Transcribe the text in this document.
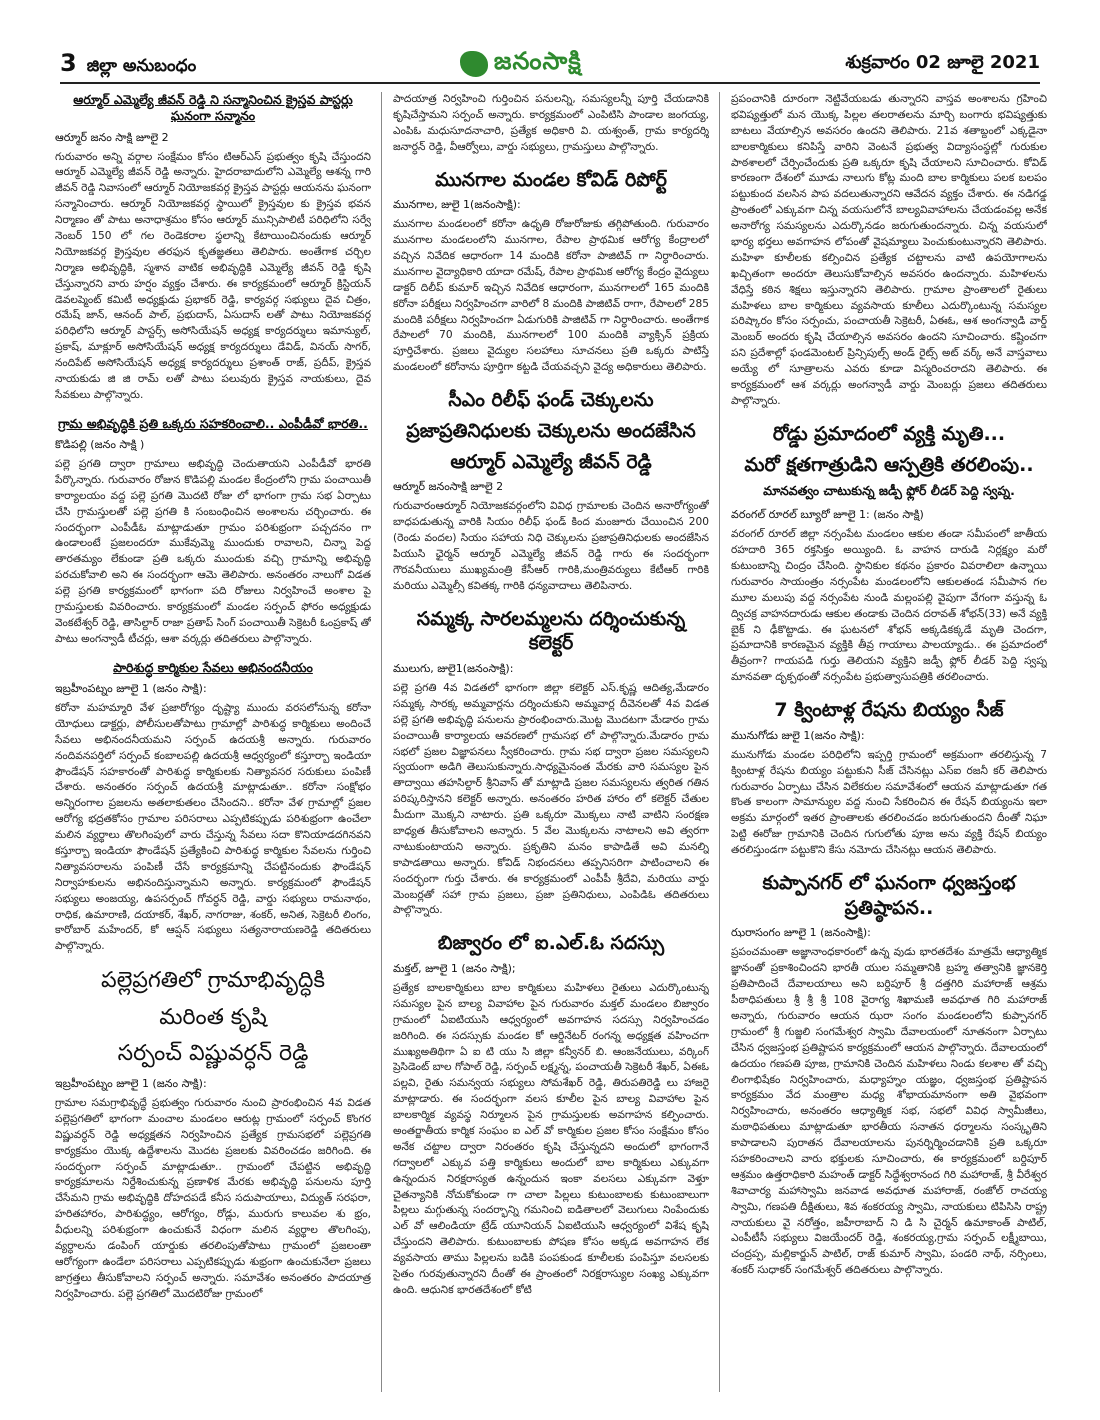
3 జిల్లా అనుబంధం	జనంసాక్షి	శుక్రవారం 02 జూలై 2021

ఆర్మూర్ ఎమ్మెల్యే జీవన్ రెడ్డి ని సన్మానించిన క్రైస్తవ పాస్టర్లు ఘనంగా సన్మానం

ఆర్మూర్ జనం సాక్షి జూలై 2

గురువారం అన్ని వర్గాల సంక్షేమం కోసం టిఆర్ఎస్ ప్రభుత్వం కృషి చేస్తుందని ఆర్మూర్ ఎమ్మెల్యే జీవన్ రెడ్డి అన్నారు. హైదరాబాదులోని ఎమ్మెల్యే ఆశన్న గారి జీవన్ రెడ్డి నివాసంలో ఆర్మూర్ నియోజకవర్గ క్రైస్తవ పాస్టర్లు ఆయనను ఘనంగా సన్మానించారు. ఆర్మూర్ నియోజకవర్గ స్థాయిలో క్రైస్తవుల కు క్రైస్తవ భవన నిర్మాణం తో పాటు అనాధాశ్రమం కోసం ఆర్మూర్ మున్సిపాలిటీ పరిధిలోని సర్వే నెంబర్ 150 లో గల రెండెకరాల స్థలాన్ని కేటాయించినందుకు ఆర్మూర్ నియోజకవర్గ క్రైస్తవుల తరఫున కృతజ్ఞతలు తెలిపారు. అంతేగాక చర్చిల నిర్మాణ అభివృద్ధికి, స్మశాన వాటిక అభివృద్ధికి ఎమ్మెల్యే జీవన్ రెడ్డి కృషి చేస్తున్నారని వారు హర్షం వ్యక్తం చేశారు. ఈ కార్యక్రమంలో ఆర్మూర్ క్రిస్టియన్ డెవలప్మెంట్ కమిటీ అధ్యక్షుడు ప్రభాకర్ రెడ్డి, కార్యవర్గ సభ్యులు దైవ చిత్రం, రమేష్ జాన్, ఆనంద్ పాల్, ప్రభుదాస్, ఏసుదాస్ లతో పాటు నియోజకవర్గ పరిధిలోని ఆర్మూర్ పాస్టర్స్ అసోసియేషన్ అధ్యక్ష కార్యదర్శులు ఇమాన్యుల్, ప్రకాష్, మాక్లూర్ అసోసియేషన్ అధ్యక్ష కార్యదర్శులు డేవిడ్, వినయ్ సాగర్, నందిపేట్ అసోసియేషన్ అధ్యక్ష కార్యదర్శులు ప్రశాంత్ రాజ్, ప్రదీప్, క్రైస్తవ నాయకుడు జి జి రామ్ లతో పాటు పలువురు క్రైస్తవ నాయకులు, దైవ సేవకులు పాల్గొన్నారు.

గ్రామ అభివృద్ధికి ప్రతి ఒక్కరు సహకరించాలి.. ఎంపీడీవో భారతి..

కొడిపల్లి (జనం సాక్షి )

పల్లె ప్రగతి ద్వారా గ్రామాలు అభివృద్ధి చెందుతాయని ఎంపీడీవో భారతి పేర్కొన్నారు. గురువారం రోజున కొడిపల్లి మండల కేంద్రంలోని గ్రామ పంచాయితీ కార్యాలయం వద్ద పల్లె ప్రగతి మొదటి రోజు లో భాగంగా గ్రామ సభ ఏర్పాటు చేసి గ్రామస్తులతో పల్లె ప్రగతి కి సంబంధించిన అంశాలను చర్చించారు. ఈ సందర్భంగా ఎంపీడీఓ మాట్లాడుతూ గ్రామం పరిశుభ్రంగా పచ్చదనం గా ఉండాలంటే ప్రజలందరూ ముకేవుమ్మె ముందుకు రావాలని, చిన్నా పెద్ద తారతమ్యం లేకుండా ప్రతి ఒక్కరు ముందుకు వచ్చి గ్రామాన్ని అభివృద్ధి పరచుకోవాలి అని ఈ సందర్భంగా ఆమె తెలిపారు. అనంతరం నాలుగో విడత పల్లె ప్రగతి కార్యక్రమంలో భాగంగా పది రోజులు నిర్వహించే అంశాల పై గ్రామస్తులకు వివరించారు. కార్యక్రమంలో మండల సర్పంచ్ ఫోరం అధ్యక్షుడు వెంకటేశ్వర్ రెడ్డి, తాసిల్దార్ రాజా ప్రతాప్ సింగ్ పంచాయితీ సెక్రెటరీ ఓంప్రకాష్ తో పాటు అంగన్వాడీ టీచర్లు, ఆశా వర్కర్లు తదితరులు పాల్గొన్నారు.

పారిశుద్ధ కార్మికుల సేవలు అభినందనీయం

ఇబ్రహీంపట్నం జూలై 1 (జనం సాక్షి):

కరోనా మహమ్మారి వేళ ప్రజారోగ్యం దృష్ట్యా ముందు వరసలోనున్న కరోనా యోధులు డాక్టర్లు, పోలీసులతోపాటు గ్రామాల్లో పారిశుద్ధ కార్మికులు అందించే సేవలు అభినందనీయమని సర్పంచ్ ఉదయశ్రీ అన్నారు. గురువారం నందివనపర్తిలో సర్పంచ్ కంబాలపల్లి ఉదయశ్రీ ఆధ్వర్యంలో కస్తూర్బా ఇండియా ఫౌండేషన్ సహకారంతో పారిశుద్ధ కార్మికులకు నిత్యావసర సరుకులు పంపిణీ చేశారు. అనంతరం సర్పంచ్ ఉదయశ్రీ మాట్లాడుతూ.. కరోనా సంక్షోభం అన్నిరంగాల ప్రజలను అతలాకుతలం చేసిందని.. కరోనా వేళ గ్రామాల్లో ప్రజల ఆరోగ్య భద్రతకోసం గ్రామాల పరిసరాలు ఎప్పటికప్పుడు పరిశుభ్రంగా ఉంచేలా మలిన వ్యర్థాలు తొలగింపులో వారు చేస్తున్న సేవలు సదా కొనియాడదగినవని కస్తూర్బా ఇండియా ఫౌండేషన్ ప్రత్యేకించి పారిశుద్ధ కార్మికుల సేవలను గుర్తించి నిత్యావసరాలను పంపిణీ చేసే కార్యక్రమాన్ని చేపట్టినందుకు ఫౌండేషన్ నిర్వాహకులను అభినందిస్తున్నామని అన్నారు. కార్యక్రమంలో ఫౌండేషన్ సభ్యులు అంజయ్య, ఉపసర్పంచ్ గోవర్ధన్ రెడ్డి, వార్డు సభ్యులు రామనాథం, రాధిక, ఉమారాణి, దయాకర్, శేఖర్, నాగరాజు, శంకర్, అనిత, సెక్రెటరీ లింగం, కారోబార్ మహేందర్, కో ఆప్షన్ సభ్యులు సత్యనారాయణరెడ్డి తదితరులు పాల్గొన్నారు.

పల్లెప్రగతిలో గ్రామాభివృద్ధికి

మరింత కృషి

సర్పంచ్ విష్ణువర్ధన్ రెడ్డి

ఇబ్రహీంపట్నం జూలై 1 (జనం సాక్షి):

గ్రామాల సమగ్రాభివృద్ధే ప్రభుత్వం గురువారం నుంచి ప్రారంభించిన 4వ విడత పల్లెప్రగతిలో భాగంగా మంచాల మండలం ఆరుట్ల గ్రామంలో సర్పంచ్ కొంగర విష్ణువర్ధన్ రెడ్డి అధ్యక్షతన నిర్వహించిన ప్రత్యేక గ్రామసభలో పల్లెప్రగతి కార్యక్రమం యొక్క ఉద్దేశాలను మొదట ప్రజలకు వివరించడం జరిగింది. ఈ సందర్భంగా సర్పంచ్ మాట్లాడుతూ.. గ్రామంలో చేపట్టిన అభివృద్ధి కార్యక్రమాలను నిర్దేశించుకున్న ప్రణాళిక మేరకు అభివృద్ధి పనులను పూర్తి చేసేమని గ్రామ అభివృద్ధికి దోహదపడే కనీస సదుపాయాలు, విద్యుత్ సరఫరా, హరితహారం, పారిశుద్ధ్యం, ఆరోగ్యం, రోడ్లు, మురుగు కాలువల శు భ్రం, వీధులన్ని పరిశుభ్రంగా ఉంచుకునే విధంగా మలిన వ్యర్థాల తొలగింపు, వ్యర్ధాలను డంపింగ్ యార్డుకు తరలింపుతోపాటు గ్రామంలో ప్రజలంతా ఆరోగ్యంగా ఉండేలా పరిసరాలు ఎప్పటికప్పుడు శుభ్రంగా ఉంచుకునేలా ప్రజలు జాగ్రత్తలు తీసుకోవాలని సర్పంచ్ అన్నారు. సమావేశం అనంతరం పాదయాత్ర నిర్వహించారు. పల్లె ప్రగతిలో మొదటిరోజు గ్రామంలో

పాదయాత్ర నిర్వహించి గుర్తించిన పనులన్ని, సమస్యలన్నీ పూర్తి చేయడానికి కృషిచేస్తామని సర్పంచ్ అన్నారు. కార్యక్రమంలో ఎంపిటిసి పాండాల జంగయ్య, ఎంపిఓ మధుసూదనాచారి, ప్రత్యేక అధికారి వి. యశ్వంత్, గ్రామ కార్యదర్శి జనార్ధన్ రెడ్డి, వీఆర్వోలు, వార్డు సభ్యులు, గ్రామస్తులు పాల్గొన్నారు.

మునగాల మండల కోవిడ్ రిపోర్ట్

మునగాల, జులై 1(జనంసాక్షి):

మునగాల మండలంలో కరోనా ఉధృతి రోజురోజుకు తగ్గిపోతుంది. గురువారం మునగాల మండలంలోని మునగాల, రేపాల ప్రాథమిక ఆరోగ్య కేంద్రాలలో వచ్చిన నివేదిక ఆధారంగా 14 మందికి కరోనా పాజిటివ్ గా నిర్ధారించారు. మునగాల వైద్యాధికారి యాదా రమేష్, రేపాల ప్రాథమిక ఆరోగ్య కేంద్రం వైద్యులు డాక్టర్ దిలీప్ కుమార్ ఇచ్చిన నివేదిక ఆధారంగా, మునగాలలో 165 మందికి కరోనా పరీక్షలు నిర్వహించగా వారిలో 8 మందికి పాజిటివ్ రాగా, రేపాలలో 285 మందికి పరీక్షలు నిర్వహించగా ఏడుగురికి పాజిటివ్ గా నిర్ధారించారు. అంతేగాక రేపాలలో 70 మందికి, మునగాలలో 100 మందికి వ్యాక్సిన్ ప్రక్రియ పూర్తిచేశారు. ప్రజలు వైద్యుల సలహాలు సూచనలు ప్రతి ఒక్కరు పాటిస్తే మండలంలో కరోనాను పూర్తిగా కట్టడి చేయవచ్చని వైద్య అధికారులు తెలిపారు.

సీఎం రిలీఫ్ ఫండ్ చెక్కులను

ప్రజాప్రతినిధులకు చెక్కులను అందజేసిన

ఆర్మూర్ ఎమ్మెల్యే జీవన్ రెడ్డి

ఆర్మూర్ జనంసాక్షి జూలై 2

గురువారంఆర్మూర్ నియోజకవర్గంలోని వివిధ గ్రామాలకు చెందిన అనారోగ్యంతో బాధపడుతున్న వారికి సియం రిలీఫ్ ఫండ్ కింద మంజూరు చేయించిన 200 (రెండు వందల) సియం సహాయ నిధి చెక్కులను ప్రజాప్రతినిధులకు అందజేసిన పియుసి ఛైర్మన్ ఆర్మూర్ ఎమ్మెల్యే జీవన్ రెడ్డి గారు ఈ సందర్భంగా గౌరవనీయులు ముఖ్యమంత్రి కేసీఆర్ గారికి,మంత్రివర్యులు కేటీఆర్ గారికి మరియు ఎమ్మెల్సీ కవితక్క గారికి ధన్యవాదాలు తెలిపినారు.

సమ్మక్క సారలమ్మలను దర్శించుకున్న కలెక్టర్

ములుగు, జులై1(జనంసాక్షి):

పల్లె ప్రగతి 4వ విడతలో భాగంగా జిల్లా కలెక్టర్ ఎస్.కృష్ణ ఆదిత్య,మేడారం సమ్మక్క సారక్క అమ్మవార్లను దర్శించుకుని అమ్మవార్ల దీవెనలతో 4వ విడత పల్లె ప్రగతి అభివృద్ధి పనులను ప్రారంభించారు.మొట్ట మొదటగా మేడారం గ్రామ పంచాయితీ కార్యాలయ ఆవరణలో గ్రామసభ లో పాల్గొన్నారు.మేడారం గ్రామ సభలో ప్రజల విజ్ఞాపనలు స్వీకరించారు. గ్రామ సభ ద్వారా ప్రజల సమస్యలని స్వయంగా అడిగి తెలుసుకున్నారు.సాధ్యమైనంత మేరకు వారి సమస్యల పైన తాద్వాయి తహసిల్దార్ శ్రీనివాస్ తో మాట్లాడి ప్రజల సమస్యలను త్వరిత గతిన పరిష్కరిస్తానని కలెక్టర్ అన్నారు. అనంతరం హరిత హారం లో కలెక్టర్ చేతుల మీదుగా మొక్కని నాటారు. ప్రతి ఒక్కరూ మొక్కలు నాటి వాటిని సంరక్షణ బాధ్యత తీసుకోవాలని అన్నారు. 5 వేల మొక్కలను నాటాలని అవి త్వరగా నాటుకుంటాయని అన్నారు. ప్రకృతిని మనం కాపాడితే అవి మనల్ని కాపాడతాయి అన్నారు. కోవిడ్ నిభందనలు తప్పనిసరిగా పాటించాలని ఈ సందర్భంగా గుర్తు చేశారు. ఈ కార్యక్రమంలో ఎంపీపీ శ్రీదేవి, మరియు వార్డు మెంబర్లతో సహా గ్రామ ప్రజలు, ప్రజా ప్రతినిధులు, ఎంపిడిఓ తదితరులు పాల్గొన్నారు.

బిజ్వారం లో ఐ.ఎల్.ఓ సదస్సు

మక్తల్, జూలై 1 (జనం సాక్షి);

ప్రత్యేక బాలకార్మికులు బాల కార్మికులు మహిళలు రైతులు ఎదుర్కొంటున్న సమస్యల పైన బాల్య వివాహాల పైన గురువారం మక్తల్ మండలం బిజ్వారం గ్రామంలో ఏఐటియుసి ఆధ్వర్యంలో అవగాహన సదస్సు నిర్వహించడం జరిగింది. ఈ సదస్సుకు మండల కో ఆర్డినేటర్ రంగన్న అధ్యక్షత వహించగా ముఖ్యఅతిథిగా ఏ ఐ టి యు సి జిల్లా కన్వీనర్ బి. ఆంజనేయులు, వర్కింగ్ ప్రెసిడెంట్ బాల గోపాల్ రెడ్డి, సర్పంచ్ లక్ష్మన్న, పంచాయతీ సెక్రెటరీ శేఖర్, ఏఈఓ పల్లవి, రైతు సమన్వయ సభ్యులు సోమశేఖర్ రెడ్డి, తిరుపతిరెడ్డి లు హాజరై మాట్లాడారు. ఈ సందర్భంగా వలస కూలీల పైన బాల్య వివాహాల పైన బాలకార్మిక వ్యవస్థ నిర్మూలన పైన గ్రామస్తులకు అవగాహన కల్పించారు. అంతర్జాతీయ కార్మిక సంఘం ఐ ఎల్ వో కార్మికుల ప్రజల కోసం సంక్షేమం కోసం అనేక చట్టాల ద్వారా నిరంతరం కృషి చేస్తున్నదని అందులో భాగంగానే గద్వాలలో ఎక్కువ పత్తి కార్మికులు అందులో బాల కార్మికులు ఎక్కువగా ఉన్నందున నిరక్షరాస్యత ఉన్నందున ఇంకా వలసలు ఎక్కువగా వెళ్తూ చైతన్యానికి నోచుకోకుండా గా చాలా పిల్లలు కుటుంబాలకు కుటుంబాలుగా పిల్లలు మగ్గుతున్న సందర్భాన్ని గమనించి ఐడితాలలో వెలుగులు నింపేందుకు ఎల్ వో ఆలిండియా ట్రేడ్ యూనియన్ ఏఐటియుసి ఆధ్వర్యంలో విశేష కృషి చేస్తుందని తెలిపారు. కుటుంబాలకు పోషణ కోసం అక్కడ అవగాహన లేక వ్యవసాయ తాము పిల్లలను బడికి పంపకుండ కూలీలకు పంపిస్తూ వలసలకు సైతం గురవుతున్నారని దీంతో ఈ ప్రాంతంలో నిరక్షరాస్యుల సంఖ్య ఎక్కువగా ఉంది. ఆధునిక భారతదేశంలో కోటి

ప్రపంచానికి దూరంగా నెట్టివేయబడు తున్నారని వాస్తవ అంశాలను గ్రహించి భవిష్యత్తులో మన యొక్క పిల్లల తలరాతలను మార్చి బంగారు భవిష్యత్తుకు బాటలు వేయాల్సిన అవసరం ఉందని తెలిపారు. 21వ శతాబ్దంలో ఎక్కడైనా బాలకార్మికులు కనిపిస్తే వారిని వెంటనే ప్రభుత్వ విద్యాసంస్థల్లో గురుకుల పాఠశాలలో చేర్పించేందుకు ప్రతి ఒక్కరూ కృషి చేయాలని సూచించారు. కోవిడ్ కారణంగా దేశంలో మూడు నాలుగు కోట్ల మంది బాల కార్మికులు పలక బలపం పట్టుకుంద వలసిన పాప వదలుతున్నారని ఆవేదన వ్యక్తం చేశారు. ఈ నడిగడ్డ ప్రాంతంలో ఎక్కువగా చిన్న వయసులోనే బాల్యవివాహాలను చేయడంవల్ల అనేక అనారోగ్య సమస్యలను ఎదుర్కొనడం జరుగుతుందన్నారు. చిన్న వయసులో భార్య భర్తలు అవగాహన లోపంతో వైషమ్యాలు పెంచుకుంటున్నారని తెలిపారు. మహిళా కూలీలకు కల్పించిన ప్రత్యేక చట్టాలను వాటి ఉపయోగాలను ఖచ్చితంగా అందరూ తెలుసుకోవాల్సిన అవసరం ఉందన్నారు. మహిళలను వేధిస్తే కఠిన శిక్షలు ఇస్తున్నారని తెలిపారు. గ్రామాల ప్రాంతాలలో రైతులు మహిళలు బాల కార్మికులు వ్యవసాయ కూలీలు ఎదుర్కొంటున్న సమస్యల పరిష్కారం కోసం సర్పంచు, పంచాయతీ సెక్రెటరీ, ఏఈఓ, ఆశ అంగన్వాడి వార్డ్ మెంబర్ అందరు కృషి చేయాల్సిన అవసరం ఉందని సూచించారు. కష్టించగా పని ప్రదేశాల్లో ఫండమెంటల్ ప్రిన్సిపుల్స్ అండ్ రైట్స్ అట్ వర్క్ అనే వాస్తవాలు అయ్యే లో సూత్రాలను ఎవరు కూడా విస్మరించరాదని తెలిపారు. ఈ కార్యక్రమంలో ఆశ వర్కర్లు అంగన్వాడీ వార్డు మెంబర్లు ప్రజలు తదితరులు పాల్గొన్నారు.

రోడ్డు ప్రమాదంలో వ్యక్తి మృతి...

మరో క్షతగాత్రుడిని ఆస్పత్రికి తరలింపు..

మానవత్వం చాటుకున్న జడ్పీ ఫ్లోర్ లీడర్ పెద్ది స్వప్న.

వరంగల్ రూరల్ బ్యూరో జూలై 1: (జనం సాక్షి)

వరంగల్ రూరల్ జిల్లా నర్సంపేట మండలం ఆకుల తండా సమీపంలో జాతీయ రహదారి 365 రక్తసిక్తం అయ్యింది. ఓ వాహన దారుడి నిర్లక్ష్యం మరో కుటుంబాన్ని చింద్రం చేసింది. స్థానికుల కథనం ప్రకారం వివరాలిలా ఉన్నాయి గురువారం సాయంత్రం నర్సంపేట మండలంలోని ఆకులతండ సమీపాన గల మూల మలుపు వద్ద నర్సంపేట నుండి మల్లంపల్లి వైపుగా వేగంగా వస్తున్న ఓ ద్విచక్ర వాహనదారుడు ఆకుల తండాకు చెందిన దరావత్ శోభన్(33) అనే వ్యక్తి బైక్ ని ఢీకొట్టాడు. ఈ ఘటనలో శోభన్ అక్కడికక్కడే మృతి చెందగా, ప్రమాదానికి కారణమైన వ్యక్తికి తీవ్ర గాయాలు పాలయ్యాడు.. ఈ ప్రమాదంలో తీవ్రంగా? గాయపడి గుర్తు తెలియని వ్యక్తిని జడ్పీ ఫ్లోర్ లీడర్ పెద్ది స్వప్న మానవతా దృక్పథంతో నర్సంపేట ప్రభుత్వాసుపత్రికి తరలించారు.

7 క్వింటాళ్ల రేషను బియ్యం సీజ్

మునుగోడు జులై 1(జనం సాక్షి):

మునుగోడు మండల పరిధిలోని ఇప్పర్తి గ్రామంలో అక్రమంగా తరలిస్తున్న 7 క్వింటాళ్ల రేషను బియ్యం పట్టుకుని సీజ్ చేసినట్లు ఎస్ఐ రజనీ కర్ తెలిపారు గురువారం ఏర్పాటు చేసిన విలేకరుల సమావేశంలో ఆయన మాట్లాడుతూ గత కొంత కాలంగా సామాన్యుల వద్ద నుంచి సేకరించిన ఈ రేషన్ బియ్యంను ఇలా అక్రమ మార్గంలో ఇతర ప్రాంతాలకు తరలించడం జరుగుతుందని దీంతో నిఘా పెట్టి ఈరోజు గ్రామానికి చెందిన గుగులోతు పూజ అను వ్యక్తి రేషన్ బియ్యం తరలిస్తుండగా పట్టుకొని కేసు నమోదు చేసినట్లు ఆయన తెలిపారు.

కుప్పానగర్ లో ఘనంగా ధ్వజస్తంభ ప్రతిష్ఠాపన..

ఝరాసంగం జూలై 1 (జనంసాక్షి):

ప్రపంచమంతా అజ్ఞానాంధకారంలో ఉన్న వుడు భారతదేశం మాత్రమే ఆధ్యాత్మిక జ్ఞానంతో ప్రకాశించిందని భారతీ యుల సమ్మతానికి బ్రహ్మ తత్వానికి జ్ఞానకెర్తి ప్రతిపాదించే దేవాలయాలు అని బర్దిపూర్ శ్రీ దత్తగిరి మహారాజ్ ఆశ్రమ పీఠాధిపతులు శ్రీ శ్రీ శ్రీ 108 వైరాగ్య శిఖామణి అవధూత గిరి మహారాజ్ అన్నారు, గురువారం ఆయన ఝరా సంగం మండలంలోని కుప్పానగర్ గ్రామంలో శ్రీ గుజ్జలి సంగమేశ్వర స్వామి దేవాలయంలో నూతనంగా ఏర్పాటు చేసిన ధ్వజస్తంభ ప్రతిష్టాపన కార్యక్రమంలో ఆయన పాల్గొన్నారు. దేవాలయంలో ఉదయం గణపతి పూజ, గ్రామానికి చెందిన మహిళలు నిండు కలశాల తో వచ్చి లింగాభిషేకం నిర్వహించారు, మధ్యాహ్నం యజ్ఞం, ధ్వజస్తంభ ప్రతిష్టాపన కార్యక్రమం వేద మంత్రాల మధ్య శోభాయమానంగా అతి వైభవంగా నిర్వహించారు, అనంతరం ఆధ్యాత్మిక సభ, సభలో వివిధ స్వామీజీలు, మఠాధిపతులు మాట్లాడుతూ భారతీయ సనాతన ధర్మాలను సంస్కృతిని కాపాడాలని పురాతన దేవాలయాలను పునర్నిర్మించడానికి ప్రతి ఒక్కరూ సహకరించాలని వారు భక్తులకు సూచించారు, ఈ కార్యక్రమంలో బర్దిపూర్ ఆశ్రమం ఉత్తరాధికారి మహంత్ డాక్టర్ సిద్ధేశ్వరానంద గిరి మహారాజ్, శ్రీ వీరేశ్వర శివాచార్య మహాస్వామి జనవాడ అవధూత మహారాజ్, రంజోల్ రాచయ్య స్వామి, గణపతి దీక్షితులు, శివ శంకరయ్య స్వామి, నాయకులు టిపిసిసి రాష్ట్ర నాయకులు వై నరోత్తం, జహీరాబాద్ ని డి సి చైర్మన్ ఉమాకాంత్ పాటిల్, ఎంపీటీసీ సభ్యులు విజయేందర్ రెడ్డి, శంకరయ్య,గ్రామ సర్పంచ్ లక్ష్మీబాయి, చంద్రప్ప, మల్లికార్జున్ పాటిల్, రాజ్ కుమార్ స్వామి, పండరి నాథ్, నర్సింలు, శంకర్ సుధాకర్ సంగమేశ్వర్ తదితరులు పాల్గొన్నారు.
